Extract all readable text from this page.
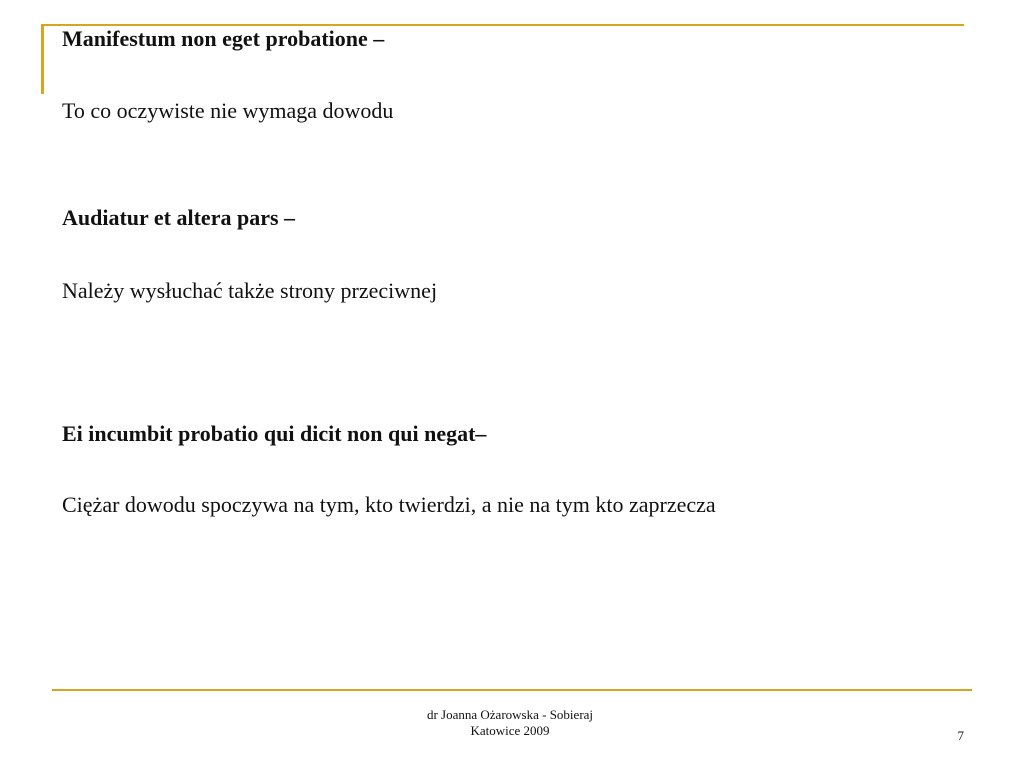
Manifestum non eget probatione –
To co oczywiste nie wymaga dowodu
Audiatur et altera pars –
Należy wysłuchać także strony przeciwnej
Ei incumbit probatio qui dicit non qui negat–
Ciężar dowodu spoczywa na tym, kto twierdzi, a nie na tym kto zaprzecza
dr Joanna Ożarowska - Sobieraj
Katowice 2009	7
